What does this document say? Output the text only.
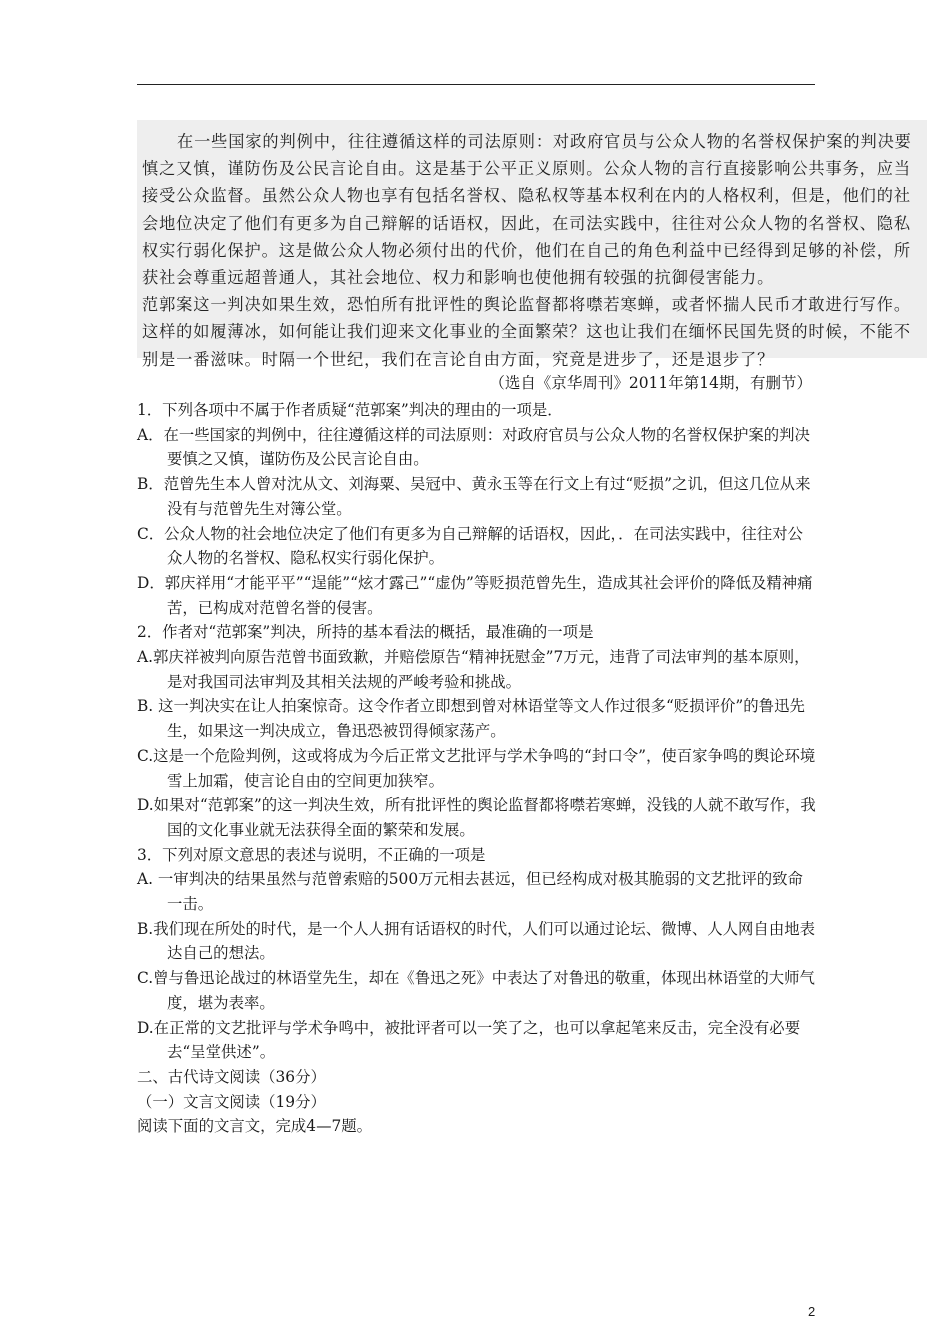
在一些国家的判例中，往往遵循这样的司法原则：对政府官员与公众人物的名誉权保护案的判决要慎之又慎，谨防伤及公民言论自由。这是基于公平正义原则。公众人物的言行直接影响公共事务，应当接受公众监督。虽然公众人物也享有包括名誉权、隐私权等基本权利在内的人格权利，但是，他们的社会地位决定了他们有更多为自己辩解的话语权，因此，在司法实践中，往往对公众人物的名誉权、隐私权实行弱化保护。这是做公众人物必须付出的代价，他们在自己的角色利益中已经得到足够的补偿，所获社会尊重远超普通人，其社会地位、权力和影响也使他拥有较强的抗御侵害能力。

范郭案这一判决如果生效，恐怕所有批评性的舆论监督都将噤若寒蝉，或者怀揣人民币才敢进行写作。这样的如履薄冰，如何能让我们迎来文化事业的全面繁荣？这也让我们在缅怀民国先贤的时候，不能不别是一番滋味。时隔一个世纪，我们在言论自由方面，究竟是进步了，还是退步了？

（选自《京华周刊》2011年第14期，有删节）

1．下列各项中不属于作者质疑“范郭案”判决的理由的一项是．

A．在一些国家的判例中，往往遵循这样的司法原则：对政府官员与公众人物的名誉权保护案的判决要慎之又慎，谨防伤及公民言论自由。

B．范曾先生本人曾对沈从文、刘海粟、吴冠中、黄永玉等在行文上有过“贬损”之讥，但这几位从来没有与范曾先生对簿公堂。

C．公众人物的社会地位决定了他们有更多为自己辩解的话语权，因此，．在司法实践中，往往对公众人物的名誉权、隐私权实行弱化保护。

D．郭庆祥用“才能平平”“逞能”“炫才露己”“虚伪”等贬损范曾先生，造成其社会评价的降低及精神痛苦，已构成对范曾名誉的侵害。

2．作者对“范郭案”判决，所持的基本看法的概括，最准确的一项是

A.郭庆祥被判向原告范曾书面致歉，并赔偿原告“精神抚慰金”7万元，违背了司法审判的基本原则，是对我国司法审判及其相关法规的严峻考验和挑战。

B. 这一判决实在让人拍案惊奇。这令作者立即想到曾对林语堂等文人作过很多“贬损评价”的鲁迅先生，如果这一判决成立，鲁迅恐被罚得倾家荡产。

C.这是一个危险判例，这或将成为今后正常文艺批评与学术争鸣的“封口令”，使百家争鸣的舆论环境雪上加霜，使言论自由的空间更加狭窄。

D.如果对“范郭案”的这一判决生效，所有批评性的舆论监督都将噤若寒蝉，没钱的人就不敢写作，我国的文化事业就无法获得全面的繁荣和发展。

3．下列对原文意思的表述与说明，不正确的一项是

A. 一审判决的结果虽然与范曾索赔的500万元相去甚远，但已经构成对极其脆弱的文艺批评的致命一击。

B.我们现在所处的时代，是一个人人拥有话语权的时代，人们可以通过论坛、微博、人人网自由地表达自己的想法。

C.曾与鲁迅论战过的林语堂先生，却在《鲁迅之死》中表达了对鲁迅的敬重，体现出林语堂的大师气度，堪为表率。

D.在正常的文艺批评与学术争鸣中，被批评者可以一笑了之，也可以拿起笔来反击，完全没有必要去“呈堂供述”。

二、古代诗文阅读（36分）

（一）文言文阅读（19分）

阅读下面的文言文，完成4—7题。

2
